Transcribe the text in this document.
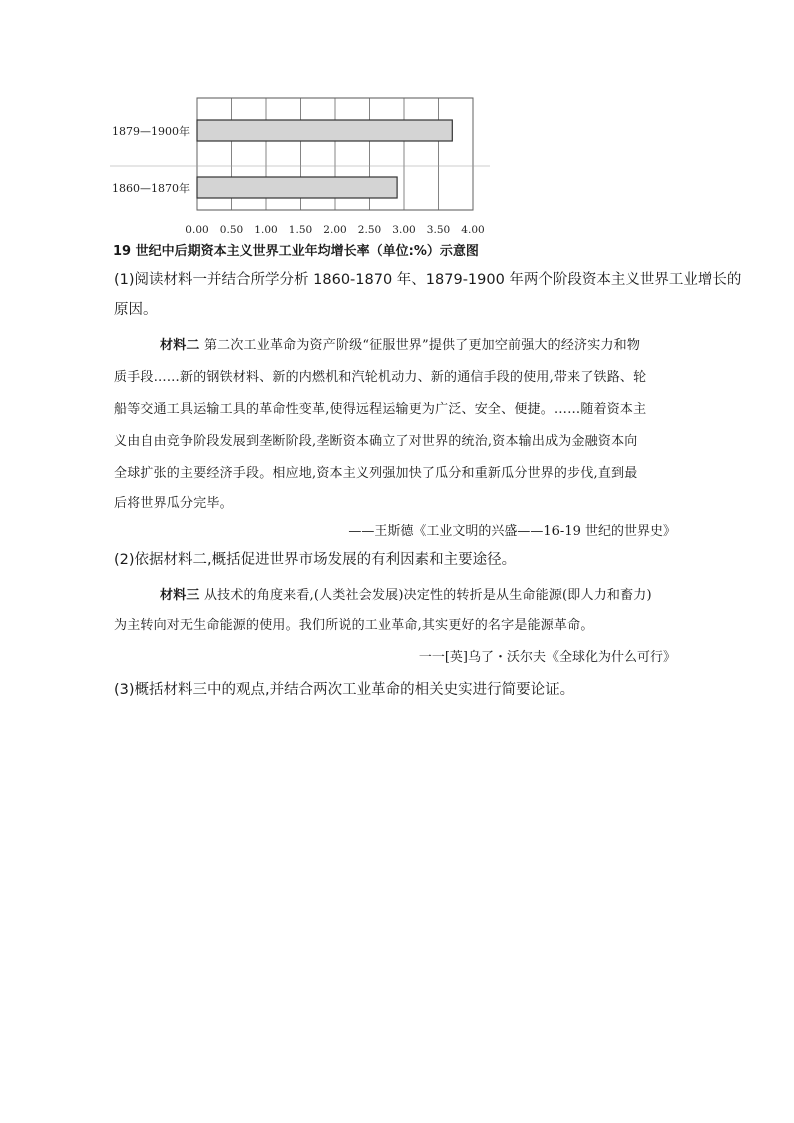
1879—1900年
1860—1870年
0.00 0.50 1.00 1.50 2.00 2.50 3.00 3.50 4.00
19 世纪中后期资本主义世界工业年均增长率（单位:%）示意图
(1)阅读材料一并结合所学分析 1860-1870 年、1879-1900 年两个阶段资本主义世界工业增长的
原因。
材料二 第二次工业革命为资产阶级“征服世界”提供了更加空前强大的经济实力和物
质手段……新的钢铁材料、新的内燃机和汽轮机动力、新的通信手段的使用,带来了铁路、轮
船等交通工具运输工具的革命性变革,使得远程运输更为广泛、安全、便捷。……随着资本主
义由自由竞争阶段发展到垄断阶段,垄断资本确立了对世界的统治,资本输出成为金融资本向
全球扩张的主要经济手段。相应地,资本主义列强加快了瓜分和重新瓜分世界的步伐,直到最
后将世界瓜分完毕。
——王斯德《工业文明的兴盛——16-19 世纪的世界史》
(2)依据材料二,概括促进世界市场发展的有利因素和主要途径。
材料三 从技术的角度来看,(人类社会发展)决定性的转折是从生命能源(即人力和畜力)
为主转向对无生命能源的使用。我们所说的工业革命,其实更好的名字是能源革命。
一一[英]乌了・沃尔夫《全球化为什么可行》
(3)概括材料三中的观点,并结合两次工业革命的相关史实进行简要论证。
